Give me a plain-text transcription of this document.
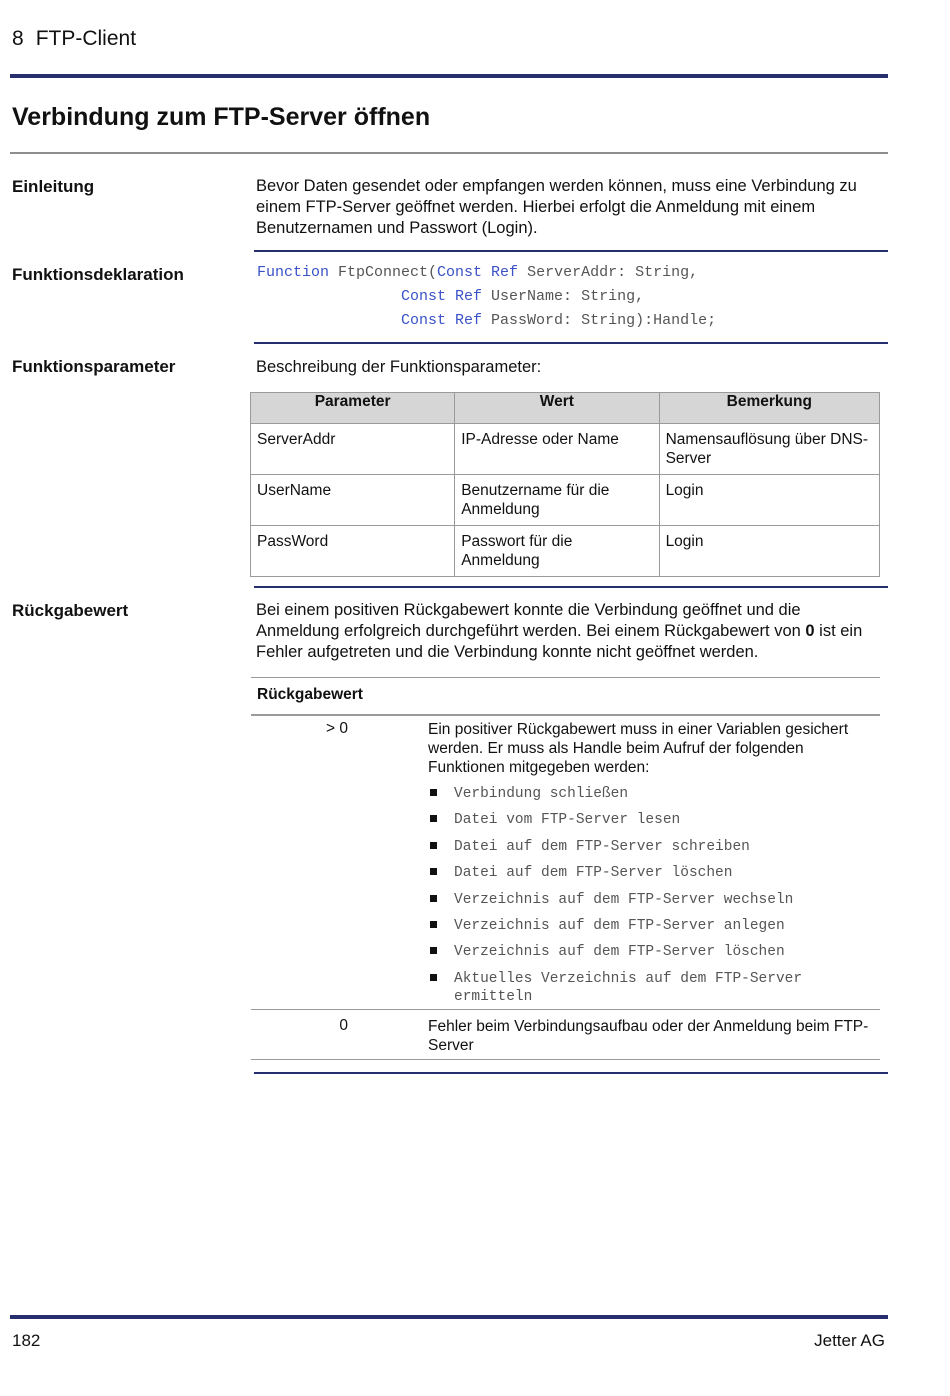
8 FTP-Client
Verbindung zum FTP-Server öffnen
Einleitung	Bevor Daten gesendet oder empfangen werden können, muss eine Verbindung zu einem FTP-Server geöffnet werden. Hierbei erfolgt die Anmeldung mit einem Benutzernamen und Passwort (Login).
Funktionsdeklaration	Function FtpConnect(Const Ref ServerAddr: String,
Const Ref UserName: String,
Const Ref PassWord: String):Handle;
Funktionsparameter	Beschreibung der Funktionsparameter:
Parameter	Wert	Bemerkung
ServerAddr	IP-Adresse oder Name	Namensauflösung über DNS-Server
UserName	Benutzername für die Anmeldung	Login
PassWord	Passwort für die Anmeldung	Login
Rückgabewert	Bei einem positiven Rückgabewert konnte die Verbindung geöffnet und die Anmeldung erfolgreich durchgeführt werden. Bei einem Rückgabewert von 0 ist ein Fehler aufgetreten und die Verbindung konnte nicht geöffnet werden.
Rückgabewert
> 0	Ein positiver Rückgabewert muss in einer Variablen gesichert werden. Er muss als Handle beim Aufruf der folgenden Funktionen mitgegeben werden:
Verbindung schließen
Datei vom FTP-Server lesen
Datei auf dem FTP-Server schreiben
Datei auf dem FTP-Server löschen
Verzeichnis auf dem FTP-Server wechseln
Verzeichnis auf dem FTP-Server anlegen
Verzeichnis auf dem FTP-Server löschen
Aktuelles Verzeichnis auf dem FTP-Server ermitteln
0	Fehler beim Verbindungsaufbau oder der Anmeldung beim FTP-Server
182	Jetter AG
